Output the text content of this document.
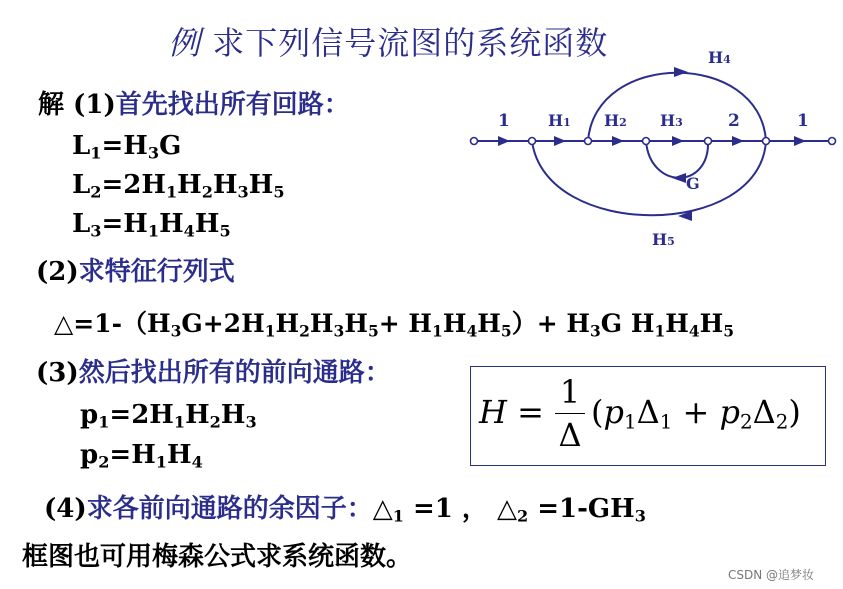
例 求下列信号流图的系统函数
解 (1)首先找出所有回路：
$L_1=H_3G$
$L_2=2H_1H_2H_3H_5$
$L_3=H_1H_4H_5$
(2)求特征行列式
$\triangle=1-(H_3G+2H_1H_2H_3H_5+ H_1H_4H_5)+ H_3G$ $H_1H_4H_5$
(3)然后找出所有的前向通路：
$p_1=2H_1H_2H_3$
$p_2=H_1H_4$
H =
1
Δ
$(p_1\Delta_1 + p_2\Delta_2)$
(4)求各前向通路的余因子：$\triangle_1 =1$ ， $\triangle_2 =1-GH_3$
框图也可用梅森公式求系统函数。
1 H1 H2 H3	2	1
H4
G
H5
CSDN @追梦妆
